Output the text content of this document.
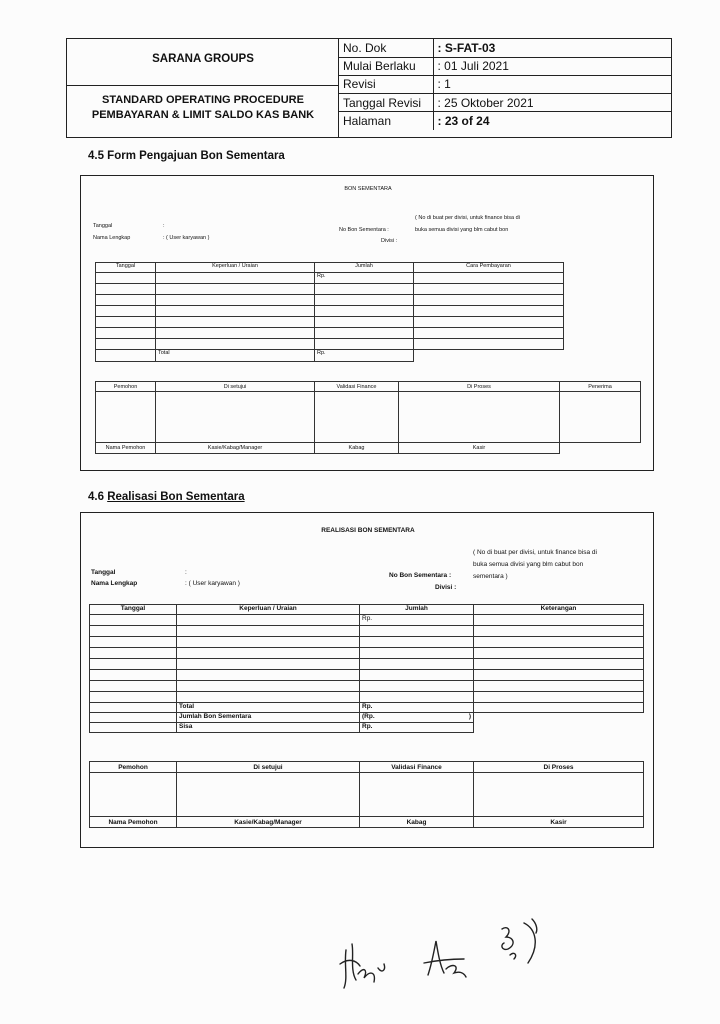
SARANA GROUPS
STANDARD OPERATING PROCEDURE
PEMBAYARAN & LIMIT SALDO KAS BANK
No. Dok	: S-FAT-03
Mulai Berlaku	: 01 Juli 2021
Revisi	: 1
Tanggal Revisi	: 25 Oktober 2021
Halaman	: 23 of 24
4.5 Form Pengajuan Bon Sementara
BON SEMENTARA
( No di buat per divisi, untuk finance bisa di
buka semua divisi yang blm cabut bon
Tanggal	:
Nama Lengkap	: ( User karyawan )
No Bon Sementara :
Divisi :
Tanggal	Keperluan / Uraian	Jumlah	Cara Pembayaran
		Rp.	

	Total	Rp.	
Pemohon	Di setujui	Validasi Finance	Di Proses	Penerima

Nama Pemohon	Kasie/Kabag/Manager	Kabag	Kasir	
4.6 Realisasi Bon Sementara
REALISASI BON SEMENTARA
( No di buat per divisi, untuk finance bisa di
buka semua divisi yang blm cabut bon
sementara )
Tanggal	:
Nama Lengkap	: ( User karyawan )
No Bon Sementara :
Divisi :
Tanggal	Keperluan / Uraian	Jumlah	Keterangan
		Rp.	

	Total	Rp.	
	Jumlah Bon Sementara	(Rp. )	

	Sisa	Rp.	
Pemohon	Di setujui	Validasi Finance	Di Proses

Nama Pemohon	Kasie/Kabag/Manager	Kabag	Kasir
